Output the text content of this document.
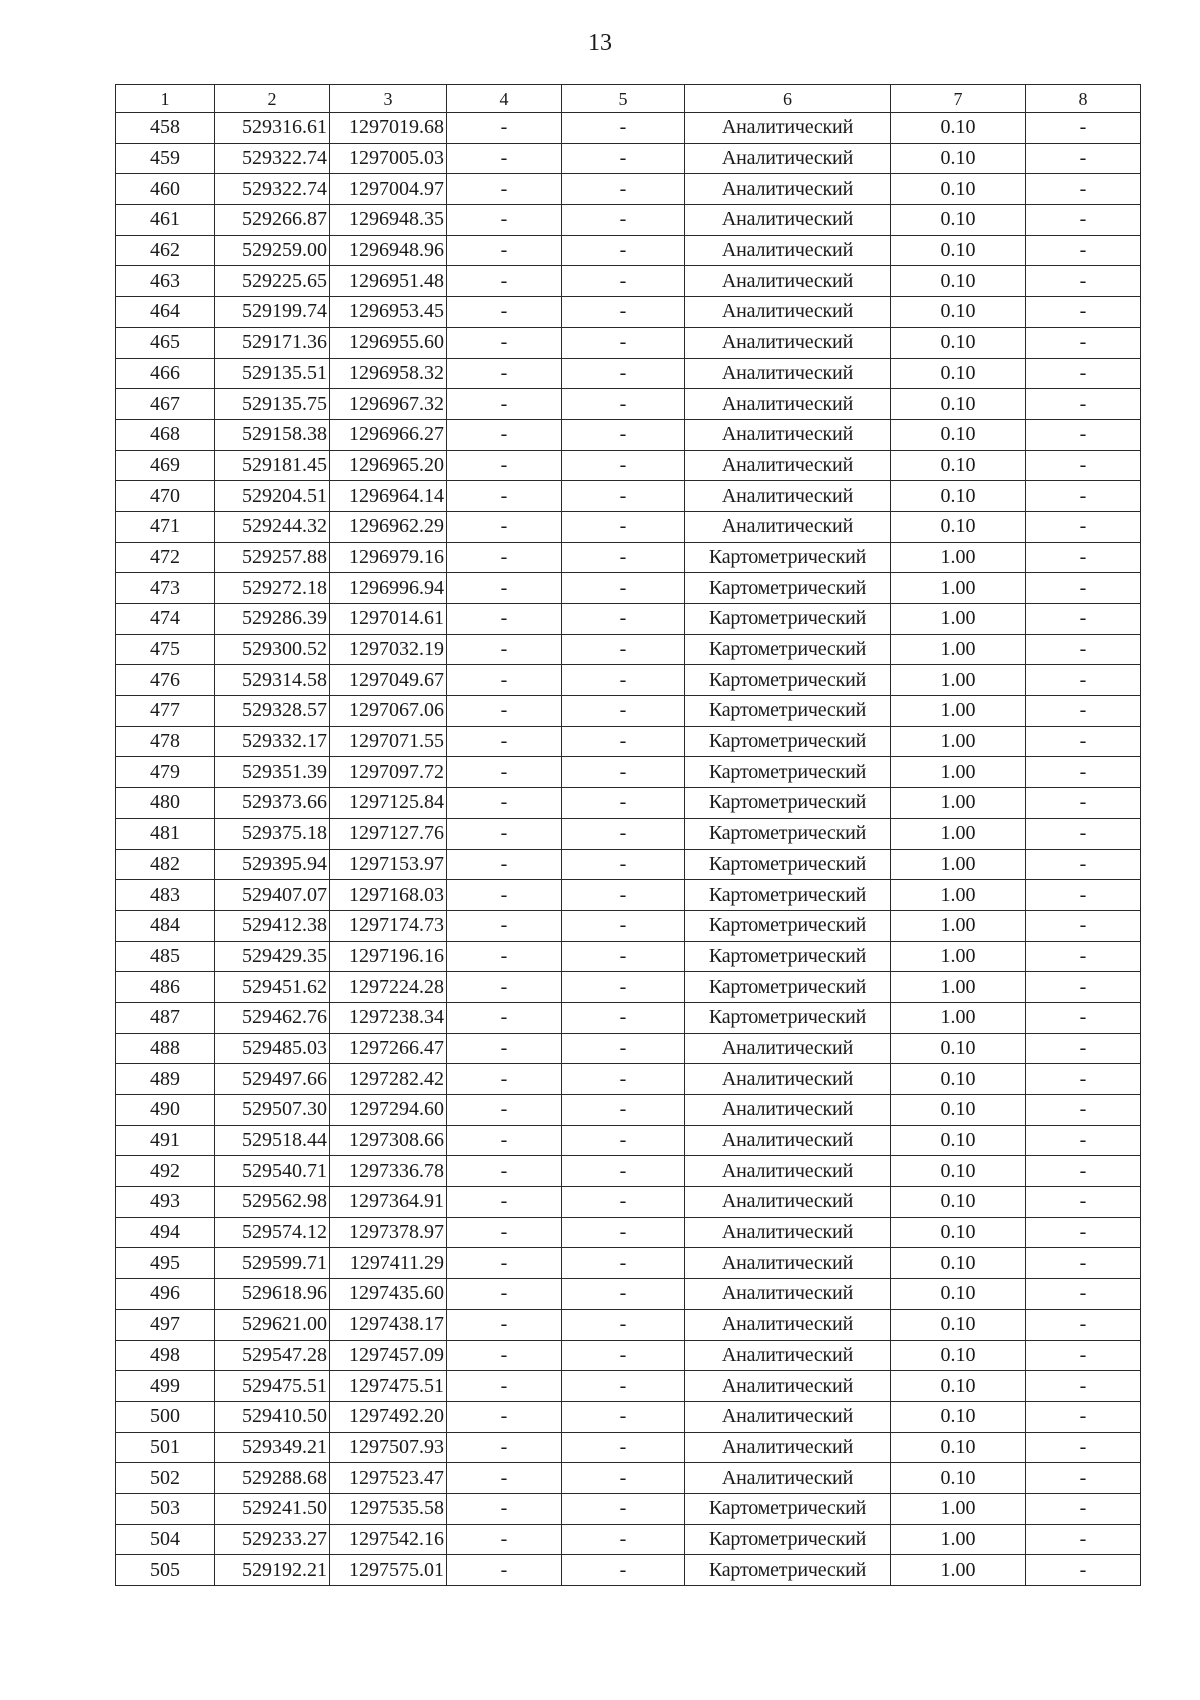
13
1	2	3	4	5	6	7	8
458	529316.61	1297019.68	-	-	Аналитический	0.10	-
459	529322.74	1297005.03	-	-	Аналитический	0.10	-
460	529322.74	1297004.97	-	-	Аналитический	0.10	-
461	529266.87	1296948.35	-	-	Аналитический	0.10	-
462	529259.00	1296948.96	-	-	Аналитический	0.10	-
463	529225.65	1296951.48	-	-	Аналитический	0.10	-
464	529199.74	1296953.45	-	-	Аналитический	0.10	-
465	529171.36	1296955.60	-	-	Аналитический	0.10	-
466	529135.51	1296958.32	-	-	Аналитический	0.10	-
467	529135.75	1296967.32	-	-	Аналитический	0.10	-
468	529158.38	1296966.27	-	-	Аналитический	0.10	-
469	529181.45	1296965.20	-	-	Аналитический	0.10	-
470	529204.51	1296964.14	-	-	Аналитический	0.10	-
471	529244.32	1296962.29	-	-	Аналитический	0.10	-
472	529257.88	1296979.16	-	-	Картометрический	1.00	-
473	529272.18	1296996.94	-	-	Картометрический	1.00	-
474	529286.39	1297014.61	-	-	Картометрический	1.00	-
475	529300.52	1297032.19	-	-	Картометрический	1.00	-
476	529314.58	1297049.67	-	-	Картометрический	1.00	-
477	529328.57	1297067.06	-	-	Картометрический	1.00	-
478	529332.17	1297071.55	-	-	Картометрический	1.00	-
479	529351.39	1297097.72	-	-	Картометрический	1.00	-
480	529373.66	1297125.84	-	-	Картометрический	1.00	-
481	529375.18	1297127.76	-	-	Картометрический	1.00	-
482	529395.94	1297153.97	-	-	Картометрический	1.00	-
483	529407.07	1297168.03	-	-	Картометрический	1.00	-
484	529412.38	1297174.73	-	-	Картометрический	1.00	-
485	529429.35	1297196.16	-	-	Картометрический	1.00	-
486	529451.62	1297224.28	-	-	Картометрический	1.00	-
487	529462.76	1297238.34	-	-	Картометрический	1.00	-
488	529485.03	1297266.47	-	-	Аналитический	0.10	-
489	529497.66	1297282.42	-	-	Аналитический	0.10	-
490	529507.30	1297294.60	-	-	Аналитический	0.10	-
491	529518.44	1297308.66	-	-	Аналитический	0.10	-
492	529540.71	1297336.78	-	-	Аналитический	0.10	-
493	529562.98	1297364.91	-	-	Аналитический	0.10	-
494	529574.12	1297378.97	-	-	Аналитический	0.10	-
495	529599.71	1297411.29	-	-	Аналитический	0.10	-
496	529618.96	1297435.60	-	-	Аналитический	0.10	-
497	529621.00	1297438.17	-	-	Аналитический	0.10	-
498	529547.28	1297457.09	-	-	Аналитический	0.10	-
499	529475.51	1297475.51	-	-	Аналитический	0.10	-
500	529410.50	1297492.20	-	-	Аналитический	0.10	-
501	529349.21	1297507.93	-	-	Аналитический	0.10	-
502	529288.68	1297523.47	-	-	Аналитический	0.10	-
503	529241.50	1297535.58	-	-	Картометрический	1.00	-
504	529233.27	1297542.16	-	-	Картометрический	1.00	-
505	529192.21	1297575.01	-	-	Картометрический	1.00	-
